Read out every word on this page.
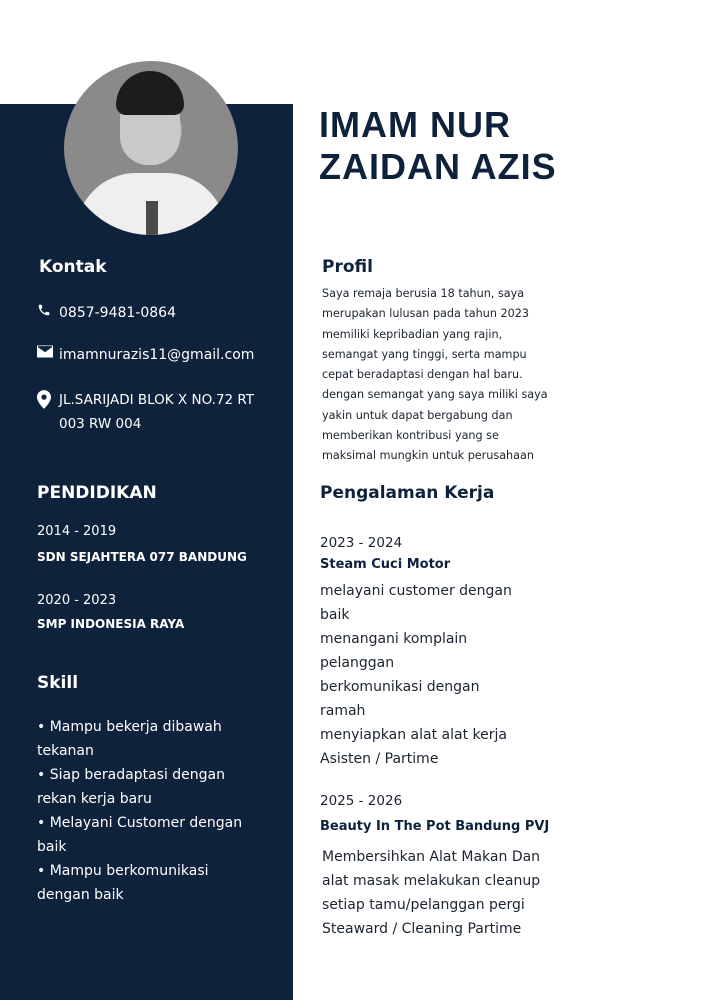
IMAM NUR
ZAIDAN AZIS
Kontak
0857-9481-0864
imamnurazis11@gmail.com
JL.SARIJADI BLOK X NO.72 RT
003 RW 004
PENDIDIKAN
2014 - 2019
SDN SEJAHTERA 077 BANDUNG
2020 - 2023
SMP INDONESIA RAYA
Skill
• Mampu bekerja dibawah
tekanan
• Siap beradaptasi dengan
rekan kerja baru
• Melayani Customer dengan
baik
• Mampu berkomunikasi
dengan baik
Profil
Saya remaja berusia 18 tahun, saya
merupakan lulusan pada tahun 2023
memiliki kepribadian yang rajin,
semangat yang tinggi, serta mampu
cepat beradaptasi dengan hal baru.
dengan semangat yang saya miliki saya
yakin untuk dapat bergabung dan
memberikan kontribusi yang se
maksimal mungkin untuk perusahaan
Pengalaman Kerja
2023 - 2024
Steam Cuci Motor
melayani customer dengan
baik
menangani komplain
pelanggan
berkomunikasi dengan
ramah
menyiapkan alat alat kerja
Asisten / Partime
2025 - 2026
Beauty In The Pot Bandung PVJ
Membersihkan Alat Makan Dan
alat masak melakukan cleanup
setiap tamu/pelanggan pergi
Steaward / Cleaning Partime
